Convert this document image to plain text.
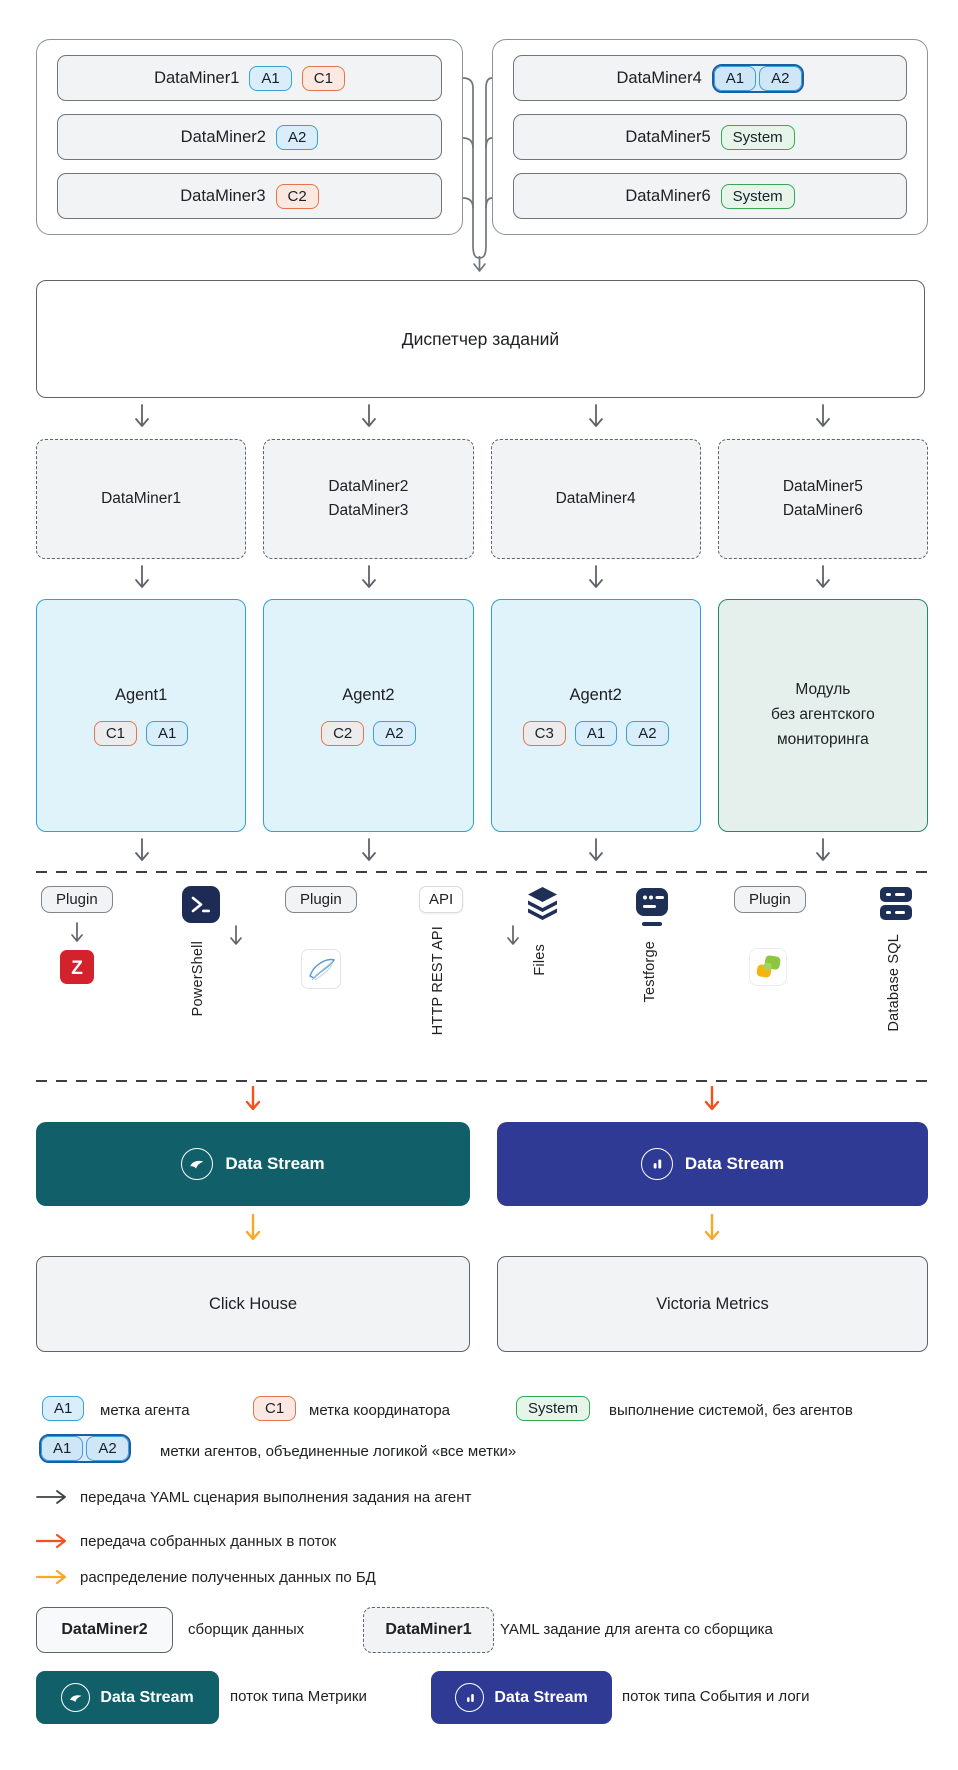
DataMiner1	A1	C1
DataMiner2	A2
DataMiner3	C2
DataMiner4	A1	A2
DataMiner5	System
DataMiner6	System
Диспетчер заданий
DataMiner1
DataMiner2
DataMiner3
DataMiner4
DataMiner5
DataMiner6
Agent1
C1	A1
Agent2
C2	A2
Agent2
C3	A1	A2
Модуль
без агентского
мониторинга
Plugin
Z	PowerShell
Plugin	API
HTTP REST API	Files	Testforge
Plugin
Database SQL
Data Stream	Data Stream
Click House	Victoria Metrics
A1	метка агента	C1	метка координатора	System	выполнение системой, без агентов
A1	A2	метки агентов, объединенные логикой «все метки»
передача YAML сценария выполнения задания на агент
передача собранных данных в поток
распределение полученных данных по БД
DataMiner2	сборщик данных	DataMiner1 YAML задание для агента со сборщика
Data Stream поток типа Метрики	Data Stream поток типа События и логи
